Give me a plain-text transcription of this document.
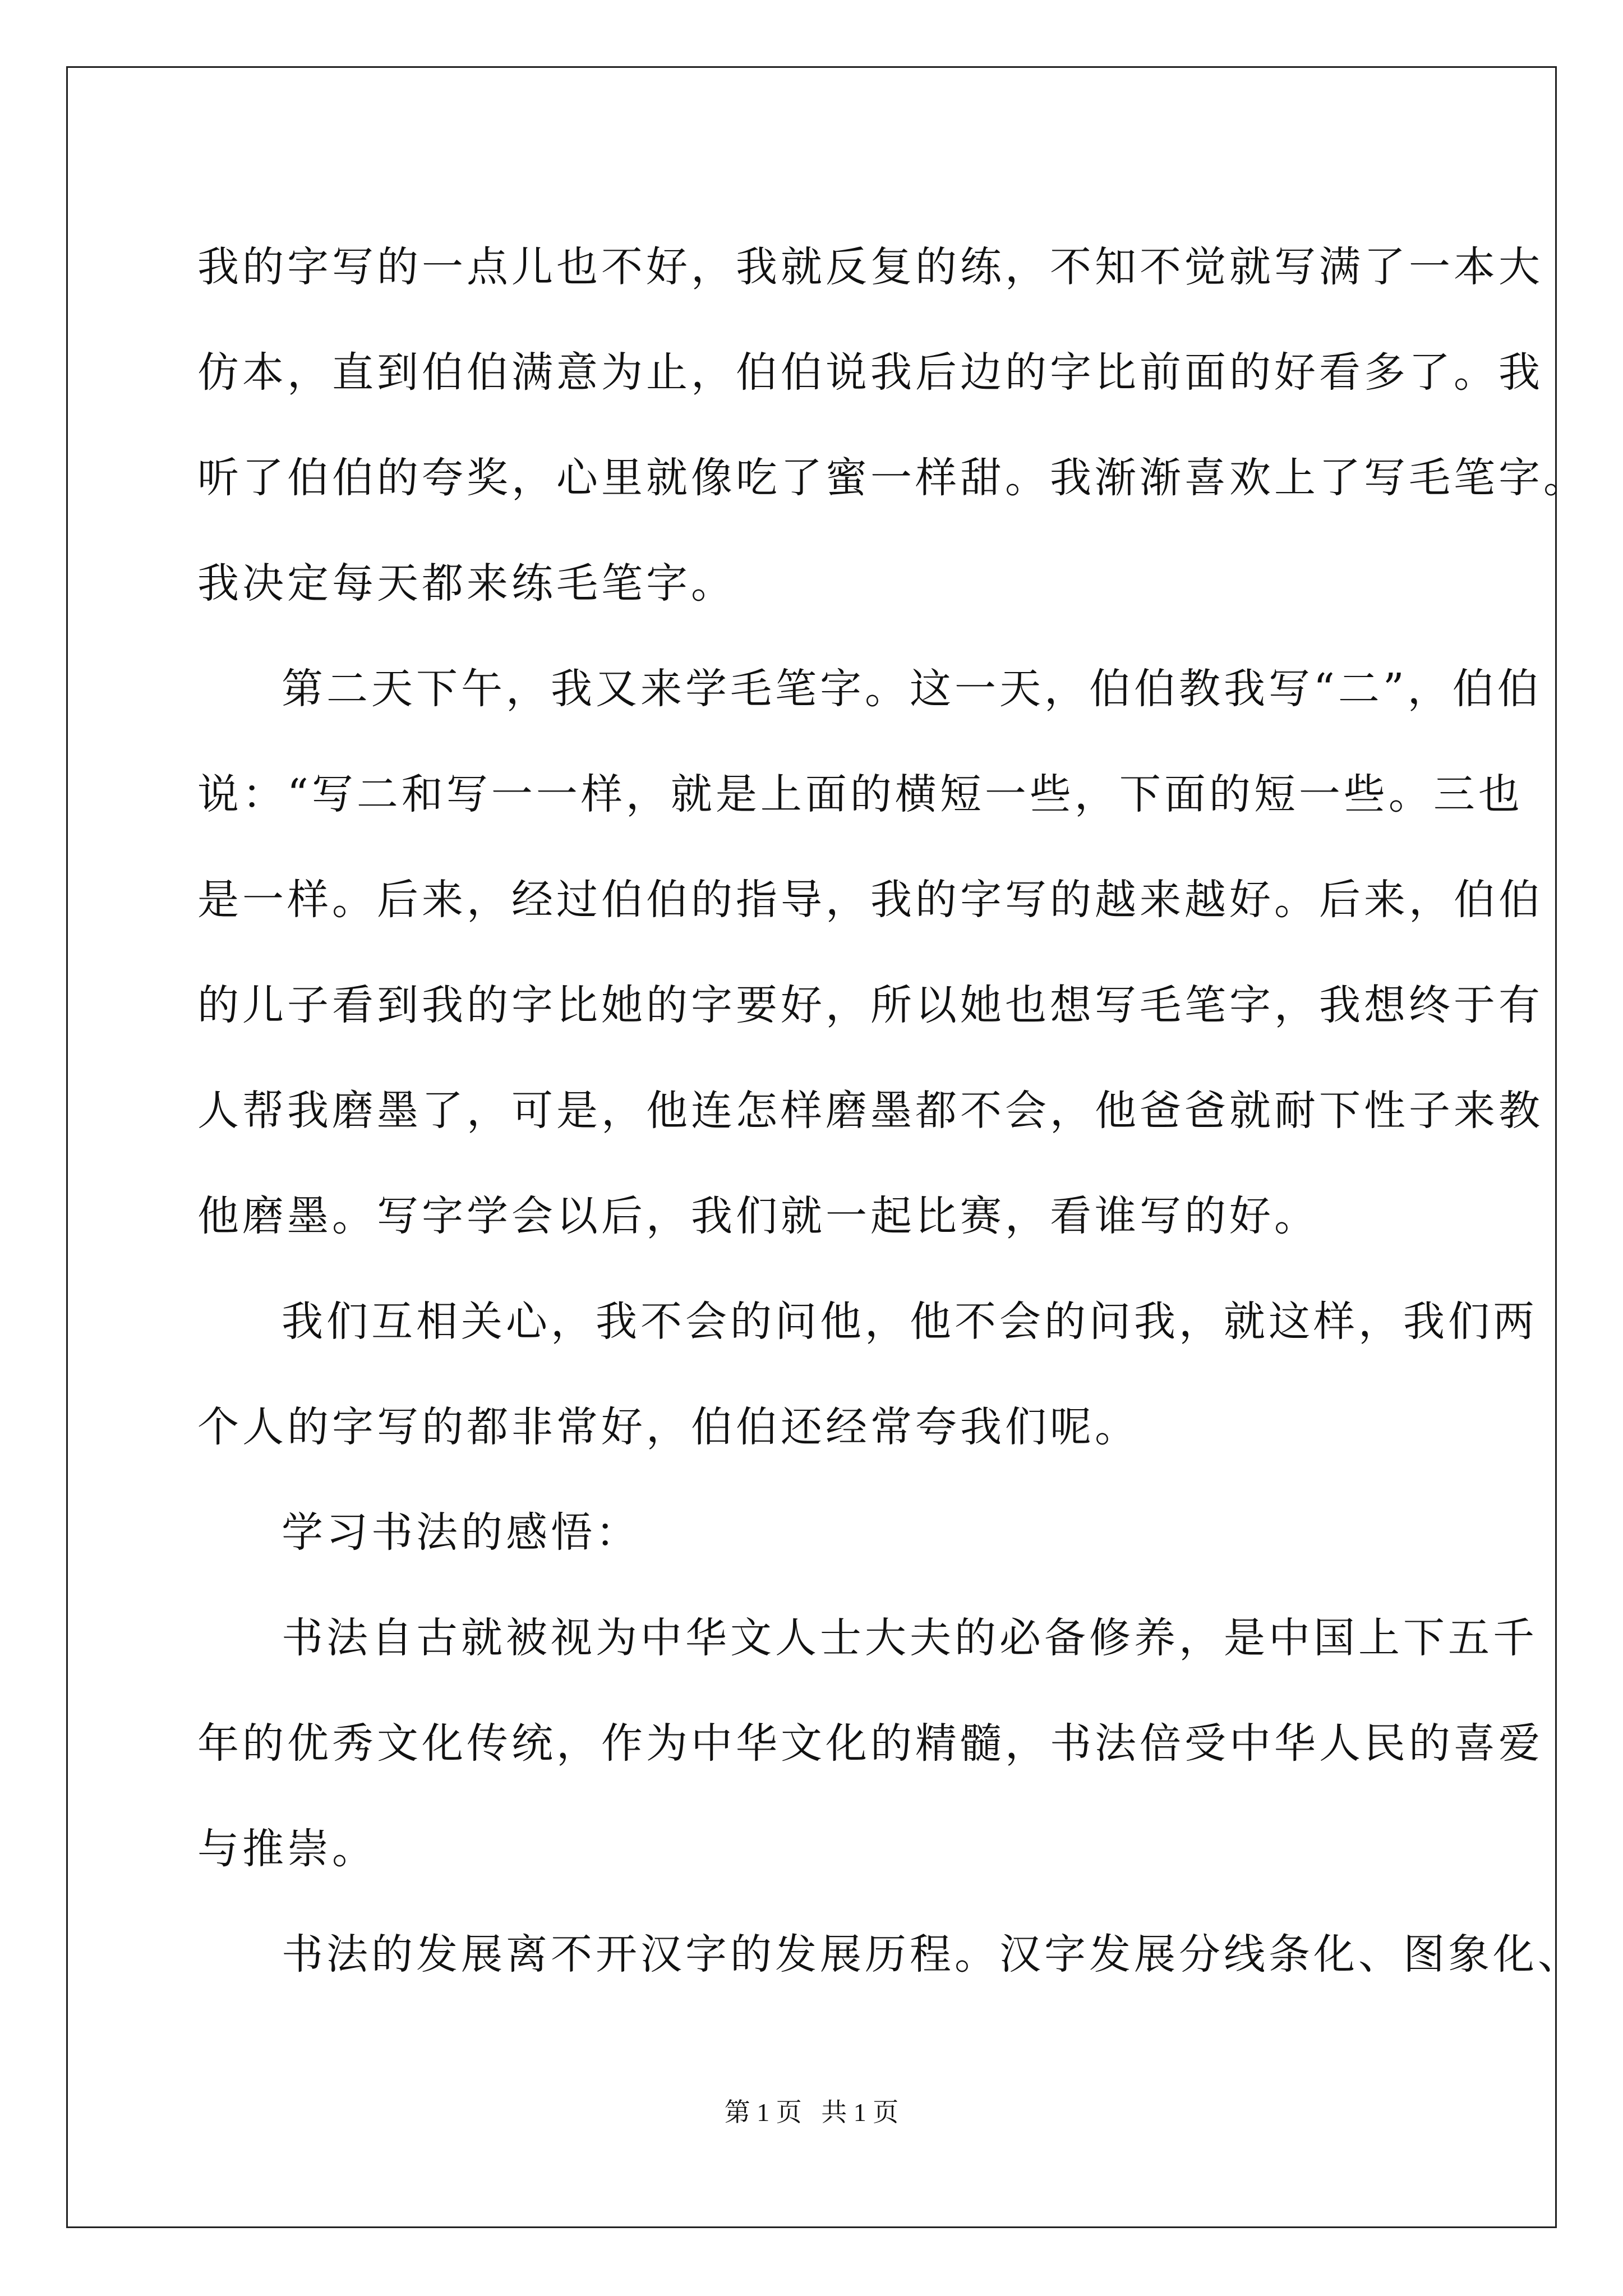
我的字写的一点儿也不好，我就反复的练，不知不觉就写满了一本大
仿本，直到伯伯满意为止，伯伯说我后边的字比前面的好看多了。我
听了伯伯的夸奖，心里就像吃了蜜一样甜。我渐渐喜欢上了写毛笔字。
我决定每天都来练毛笔字。
第二天下午，我又来学毛笔字。这一天，伯伯教我写“二”，伯伯
说：“写二和写一一样，就是上面的横短一些，下面的短一些。三也
是一样。后来，经过伯伯的指导，我的字写的越来越好。后来，伯伯
的儿子看到我的字比她的字要好，所以她也想写毛笔字，我想终于有
人帮我磨墨了，可是，他连怎样磨墨都不会，他爸爸就耐下性子来教
他磨墨。写字学会以后，我们就一起比赛，看谁写的好。
我们互相关心，我不会的问他，他不会的问我，就这样，我们两
个人的字写的都非常好，伯伯还经常夸我们呢。
学习书法的感悟：
书法自古就被视为中华文人士大夫的必备修养，是中国上下五千
年的优秀文化传统，作为中华文化的精髓，书法倍受中华人民的喜爱
与推崇。
书法的发展离不开汉字的发展历程。汉字发展分线条化、图象化、
第 1 页   共 1 页
